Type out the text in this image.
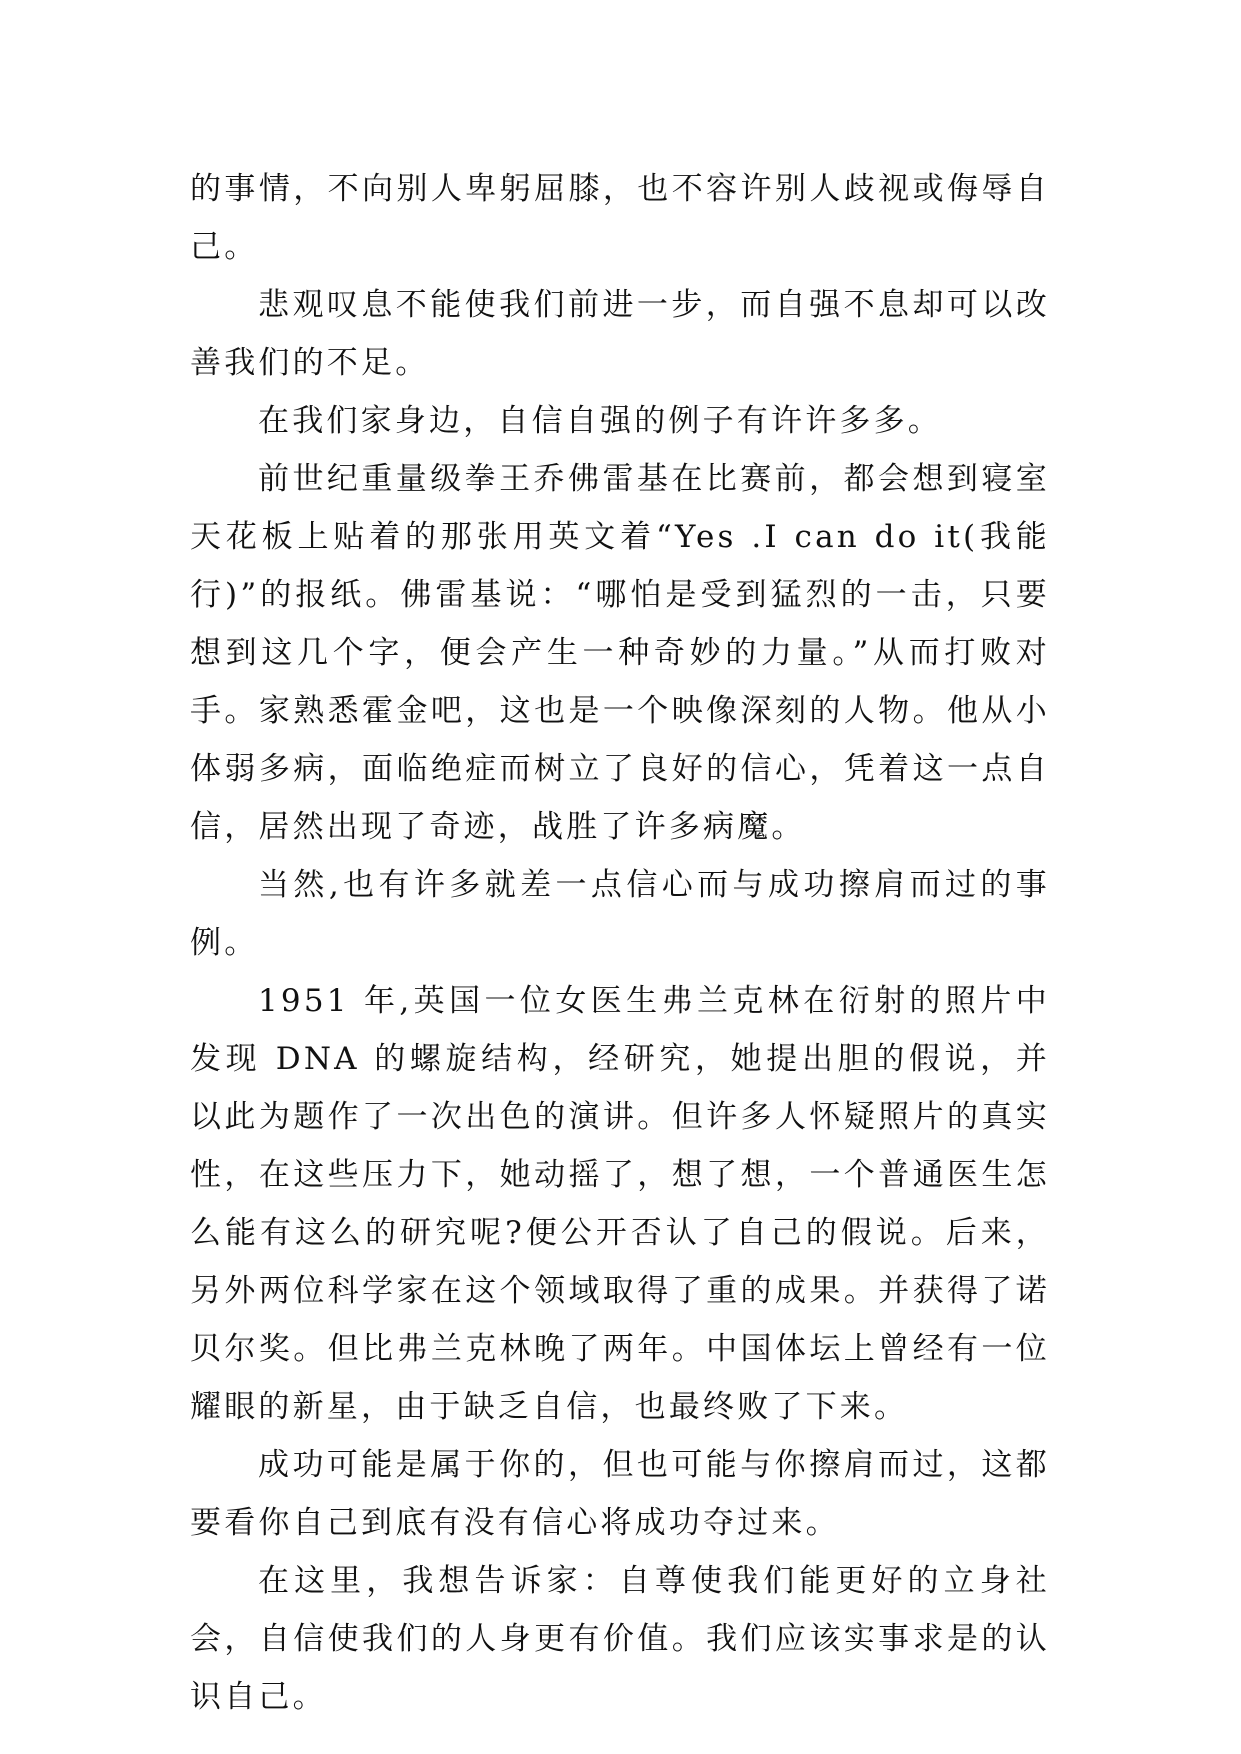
的事情，不向别人卑躬屈膝，也不容许别人歧视或侮辱自己。

悲观叹息不能使我们前进一步，而自强不息却可以改善我们的不足。

在我们家身边，自信自强的例子有许许多多。

前世纪重量级拳王乔佛雷基在比赛前，都会想到寝室天花板上贴着的那张用英文着“Yes .I can do it(我能行)”的报纸。佛雷基说：“哪怕是受到猛烈的一击，只要想到这几个字，便会产生一种奇妙的力量。”从而打败对手。家熟悉霍金吧，这也是一个映像深刻的人物。他从小体弱多病，面临绝症而树立了良好的信心，凭着这一点自信，居然出现了奇迹，战胜了许多病魔。

当然,也有许多就差一点信心而与成功擦肩而过的事例。

1951 年,英国一位女医生弗兰克林在衍射的照片中发现 DNA 的螺旋结构，经研究，她提出胆的假说，并以此为题作了一次出色的演讲。但许多人怀疑照片的真实性，在这些压力下，她动摇了，想了想，一个普通医生怎么能有这么的研究呢?便公开否认了自己的假说。后来，另外两位科学家在这个领域取得了重的成果。并获得了诺贝尔奖。但比弗兰克林晚了两年。中国体坛上曾经有一位耀眼的新星，由于缺乏自信，也最终败了下来。

成功可能是属于你的，但也可能与你擦肩而过，这都要看你自己到底有没有信心将成功夺过来。

在这里，我想告诉家：自尊使我们能更好的立身社会，自信使我们的人身更有价值。我们应该实事求是的认识自己。
